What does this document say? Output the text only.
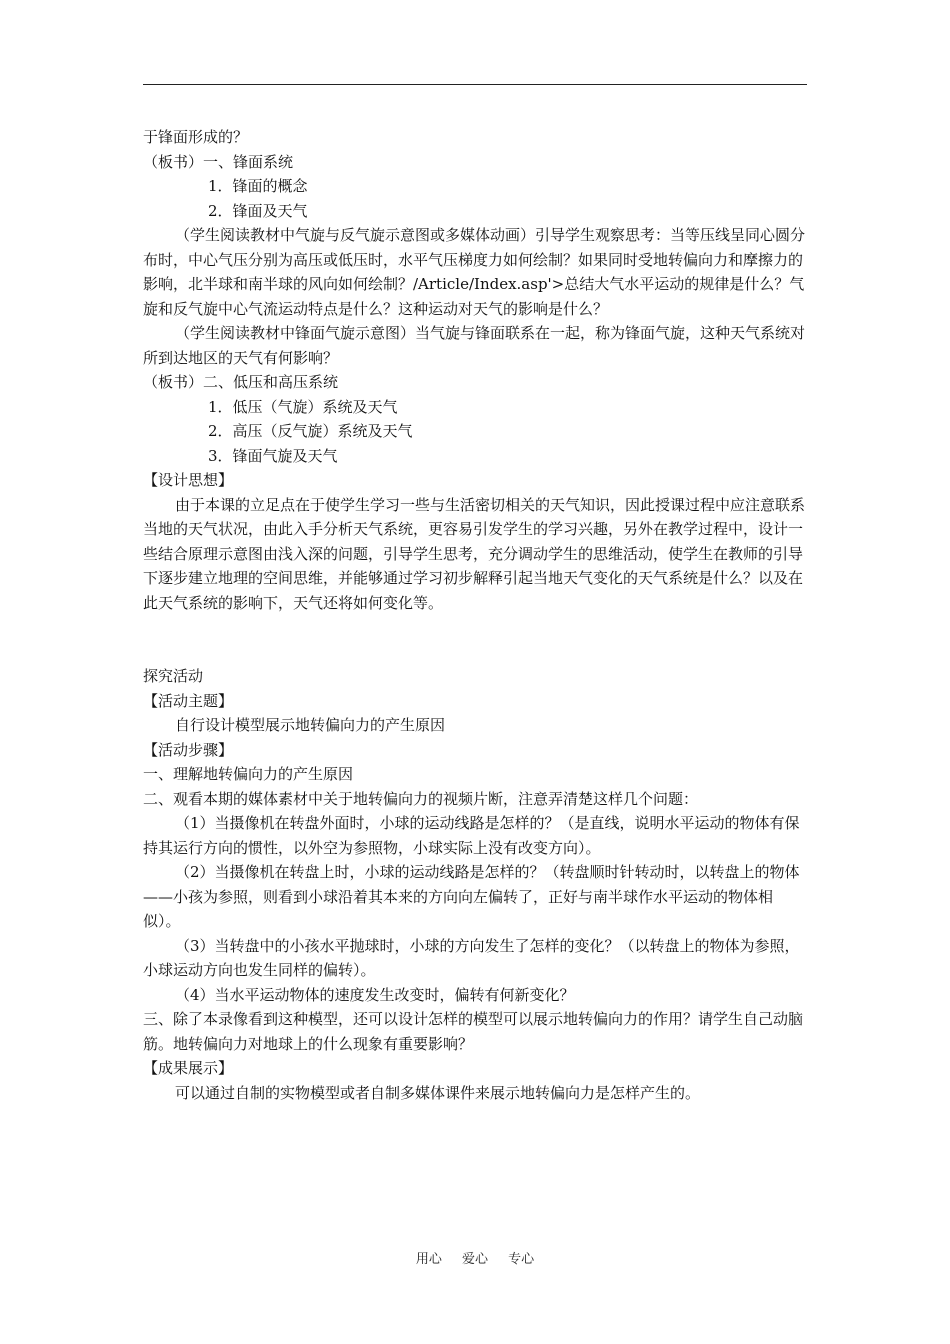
于锋面形成的？

（板书）一、锋面系统

1．锋面的概念

2．锋面及天气

（学生阅读教材中气旋与反气旋示意图或多媒体动画）引导学生观察思考：当等压线呈同心圆分布时，中心气压分别为高压或低压时，水平气压梯度力如何绘制？如果同时受地转偏向力和摩擦力的影响，北半球和南半球的风向如何绘制？/Article/Index.asp'>总结大气水平运动的规律是什么？气旋和反气旋中心气流运动特点是什么？这种运动对天气的影响是什么？

（学生阅读教材中锋面气旋示意图）当气旋与锋面联系在一起，称为锋面气旋，这种天气系统对所到达地区的天气有何影响？

（板书）二、低压和高压系统

1．低压（气旋）系统及天气

2．高压（反气旋）系统及天气

3．锋面气旋及天气

【设计思想】

由于本课的立足点在于使学生学习一些与生活密切相关的天气知识，因此授课过程中应注意联系当地的天气状况，由此入手分析天气系统，更容易引发学生的学习兴趣，另外在教学过程中，设计一些结合原理示意图由浅入深的问题，引导学生思考，充分调动学生的思维活动，使学生在教师的引导下逐步建立地理的空间思维，并能够通过学习初步解释引起当地天气变化的天气系统是什么？以及在此天气系统的影响下，天气还将如何变化等。

探究活动

【活动主题】

自行设计模型展示地转偏向力的产生原因

【活动步骤】

一、理解地转偏向力的产生原因

二、观看本期的媒体素材中关于地转偏向力的视频片断，注意弄清楚这样几个问题：

（1）当摄像机在转盘外面时，小球的运动线路是怎样的？（是直线，说明水平运动的物体有保持其运行方向的惯性，以外空为参照物，小球实际上没有改变方向）。

（2）当摄像机在转盘上时，小球的运动线路是怎样的？（转盘顺时针转动时，以转盘上的物体——小孩为参照，则看到小球沿着其本来的方向向左偏转了，正好与南半球作水平运动的物体相似）。

（3）当转盘中的小孩水平抛球时，小球的方向发生了怎样的变化？（以转盘上的物体为参照，小球运动方向也发生同样的偏转）。

（4）当水平运动物体的速度发生改变时，偏转有何新变化？

三、除了本录像看到这种模型，还可以设计怎样的模型可以展示地转偏向力的作用？请学生自己动脑筋。地转偏向力对地球上的什么现象有重要影响？

【成果展示】

可以通过自制的实物模型或者自制多媒体课件来展示地转偏向力是怎样产生的。

用心 爱心 专心
